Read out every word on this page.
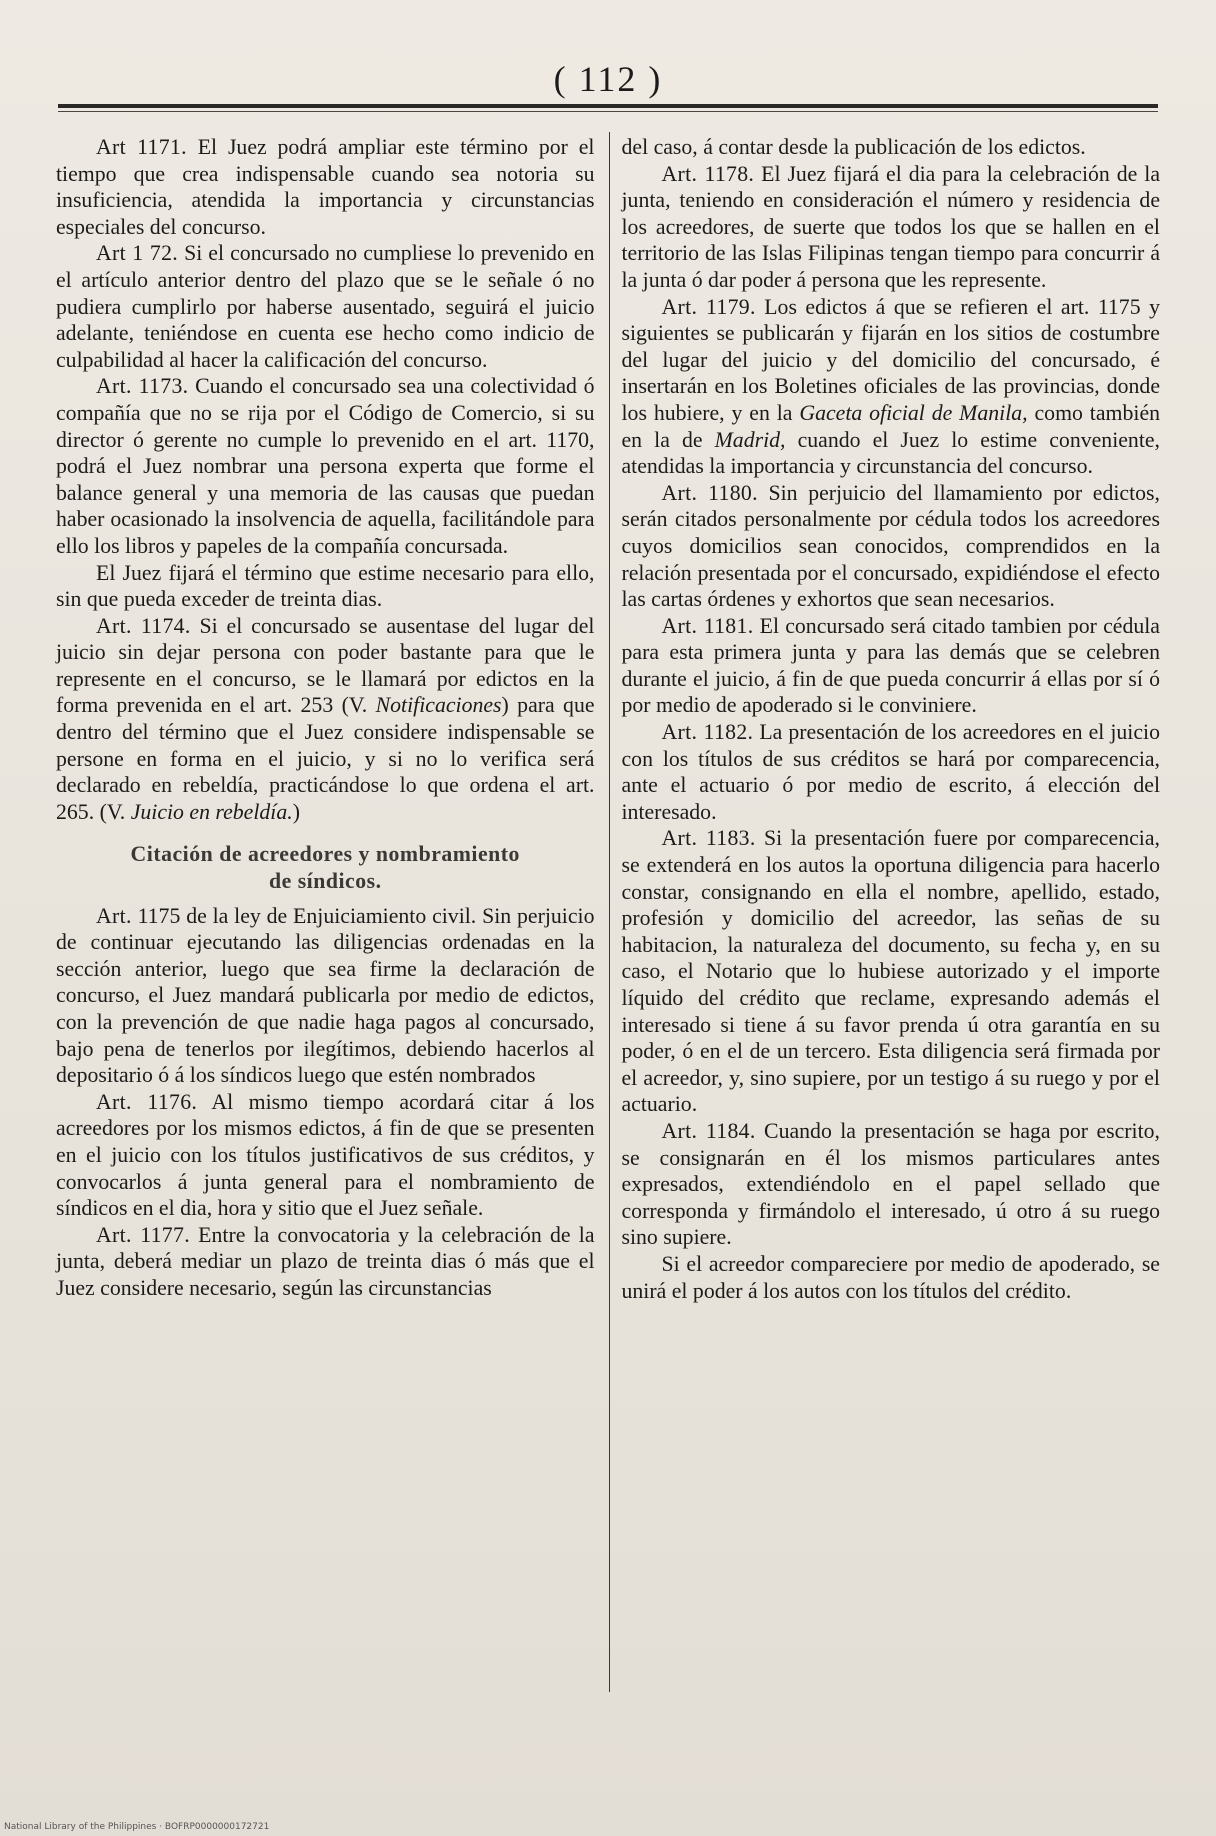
( 112 )

Art 1171. El Juez podrá ampliar este término por el tiempo que crea indispensable cuando sea notoria su insuficiencia, atendida la importancia y circunstancias especiales del concurso.

Art 1 72. Si el concursado no cumpliese lo prevenido en el artículo anterior dentro del plazo que se le señale ó no pudiera cumplirlo por haberse ausentado, seguirá el juicio adelante, teniéndose en cuenta ese hecho como indicio de culpabilidad al hacer la calificación del concurso.

Art. 1173. Cuando el concursado sea una colectividad ó compañía que no se rija por el Código de Comercio, si su director ó gerente no cumple lo prevenido en el art. 1170, podrá el Juez nombrar una persona experta que forme el balance general y una memoria de las causas que puedan haber ocasionado la insolvencia de aquella, facilitándole para ello los libros y papeles de la compañía concursada.

El Juez fijará el término que estime necesario para ello, sin que pueda exceder de treinta dias.

Art. 1174. Si el concursado se ausentase del lugar del juicio sin dejar persona con poder bastante para que le represente en el concurso, se le llamará por edictos en la forma prevenida en el art. 253 (V. Notificaciones) para que dentro del término que el Juez considere indispensable se persone en forma en el juicio, y si no lo verifica será declarado en rebeldía, practicándose lo que ordena el art. 265. (V. Juicio en rebeldía.)

Citación de acreedores y nombramiento
de síndicos.

Art. 1175 de la ley de Enjuiciamiento civil. Sin perjuicio de continuar ejecutando las diligencias ordenadas en la sección anterior, luego que sea firme la declaración de concurso, el Juez mandará publicarla por medio de edictos, con la prevención de que nadie haga pagos al concursado, bajo pena de tenerlos por ilegítimos, debiendo hacerlos al depositario ó á los síndicos luego que estén nombrados

Art. 1176. Al mismo tiempo acordará citar á los acreedores por los mismos edictos, á fin de que se presenten en el juicio con los títulos justificativos de sus créditos, y convocarlos á junta general para el nombramiento de síndicos en el dia, hora y sitio que el Juez señale.

Art. 1177. Entre la convocatoria y la celebración de la junta, deberá mediar un plazo de treinta dias ó más que el Juez considere necesario, según las circunstancias

del caso, á contar desde la publicación de los edictos.

Art. 1178. El Juez fijará el dia para la celebración de la junta, teniendo en consideración el número y residencia de los acreedores, de suerte que todos los que se hallen en el territorio de las Islas Filipinas tengan tiempo para concurrir á la junta ó dar poder á persona que les represente.

Art. 1179. Los edictos á que se refieren el art. 1175 y siguientes se publicarán y fijarán en los sitios de costumbre del lugar del juicio y del domicilio del concursado, é insertarán en los Boletines oficiales de las provincias, donde los hubiere, y en la Gaceta oficial de Manila, como también en la de Madrid, cuando el Juez lo estime conveniente, atendidas la importancia y circunstancia del concurso.

Art. 1180. Sin perjuicio del llamamiento por edictos, serán citados personalmente por cédula todos los acreedores cuyos domicilios sean conocidos, comprendidos en la relación presentada por el concursado, expidiéndose el efecto las cartas órdenes y exhortos que sean necesarios.

Art. 1181. El concursado será citado tambien por cédula para esta primera junta y para las demás que se celebren durante el juicio, á fin de que pueda concurrir á ellas por sí ó por medio de apoderado si le conviniere.

Art. 1182. La presentación de los acreedores en el juicio con los títulos de sus créditos se hará por comparecencia, ante el actuario ó por medio de escrito, á elección del interesado.

Art. 1183. Si la presentación fuere por comparecencia, se extenderá en los autos la oportuna diligencia para hacerlo constar, consignando en ella el nombre, apellido, estado, profesión y domicilio del acreedor, las señas de su habitacion, la naturaleza del documento, su fecha y, en su caso, el Notario que lo hubiese autorizado y el importe líquido del crédito que reclame, expresando además el interesado si tiene á su favor prenda ú otra garantía en su poder, ó en el de un tercero. Esta diligencia será firmada por el acreedor, y, sino supiere, por un testigo á su ruego y por el actuario.

Art. 1184. Cuando la presentación se haga por escrito, se consignarán en él los mismos particulares antes expresados, extendiéndolo en el papel sellado que corresponda y firmándolo el interesado, ú otro á su ruego sino supiere.

Si el acreedor compareciere por medio de apoderado, se unirá el poder á los autos con los títulos del crédito.

National Library of the Philippines · BOFRP0000000172721
